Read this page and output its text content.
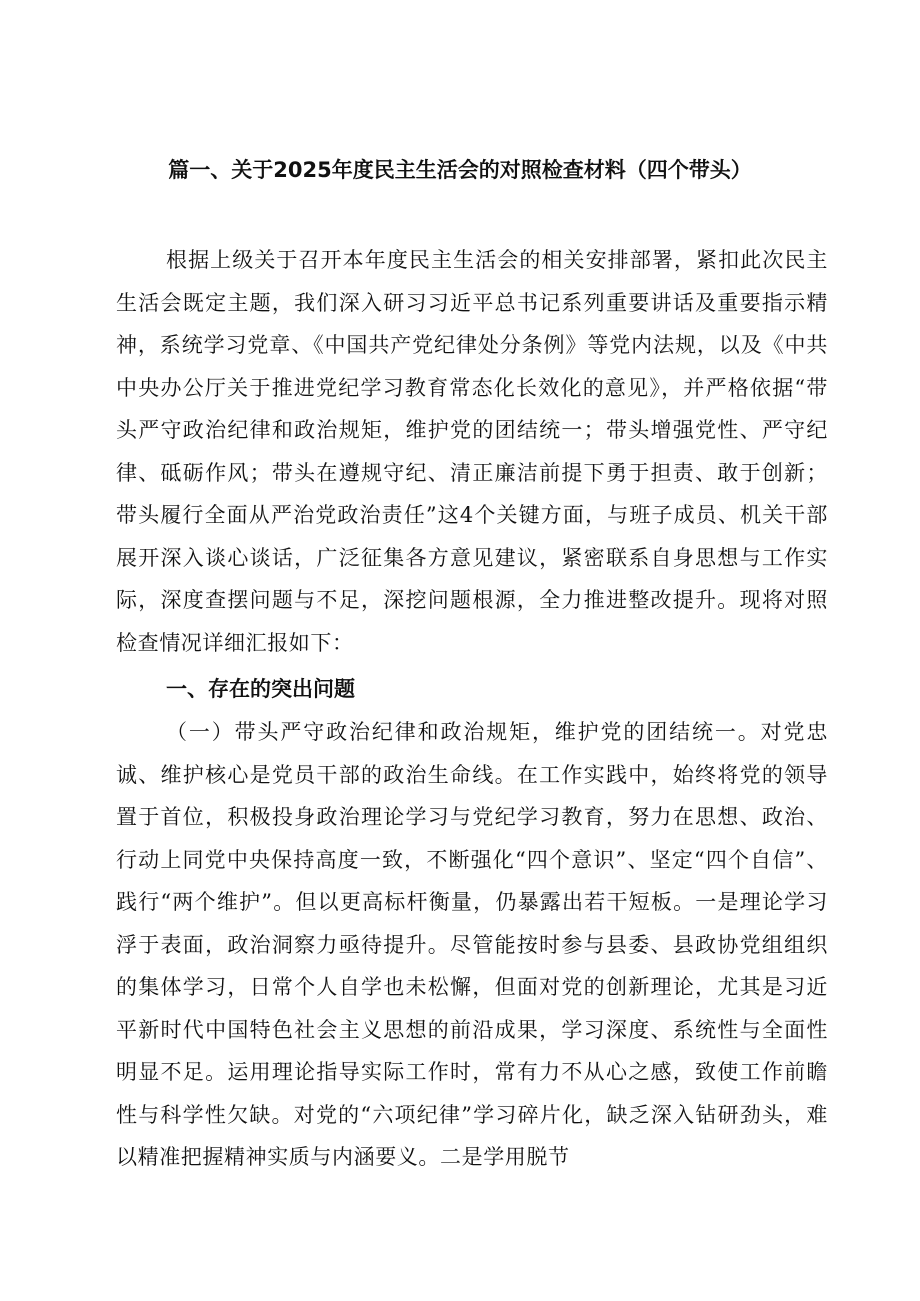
篇一、关于2025年度民主生活会的对照检查材料（四个带头）

根据上级关于召开本年度民主生活会的相关安排部署，紧扣此次民主生活会既定主题，我们深入研习习近平总书记系列重要讲话及重要指示精神，系统学习党章、《中国共产党纪律处分条例》等党内法规，以及《中共中央办公厅关于推进党纪学习教育常态化长效化的意见》，并严格依据“带头严守政治纪律和政治规矩，维护党的团结统一；带头增强党性、严守纪律、砥砺作风；带头在遵规守纪、清正廉洁前提下勇于担责、敢于创新；带头履行全面从严治党政治责任”这4个关键方面，与班子成员、机关干部展开深入谈心谈话，广泛征集各方意见建议，紧密联系自身思想与工作实际，深度查摆问题与不足，深挖问题根源，全力推进整改提升。现将对照检查情况详细汇报如下：

一、存在的突出问题

（一）带头严守政治纪律和政治规矩，维护党的团结统一。对党忠诚、维护核心是党员干部的政治生命线。在工作实践中，始终将党的领导置于首位，积极投身政治理论学习与党纪学习教育，努力在思想、政治、行动上同党中央保持高度一致，不断强化“四个意识”、坚定“四个自信”、践行“两个维护”。但以更高标杆衡量，仍暴露出若干短板。一是理论学习浮于表面，政治洞察力亟待提升。尽管能按时参与县委、县政协党组组织的集体学习，日常个人自学也未松懈，但面对党的创新理论，尤其是习近平新时代中国特色社会主义思想的前沿成果，学习深度、系统性与全面性明显不足。运用理论指导实际工作时，常有力不从心之感，致使工作前瞻性与科学性欠缺。对党的“六项纪律”学习碎片化，缺乏深入钻研劲头，难以精准把握精神实质与内涵要义。二是学用脱节
